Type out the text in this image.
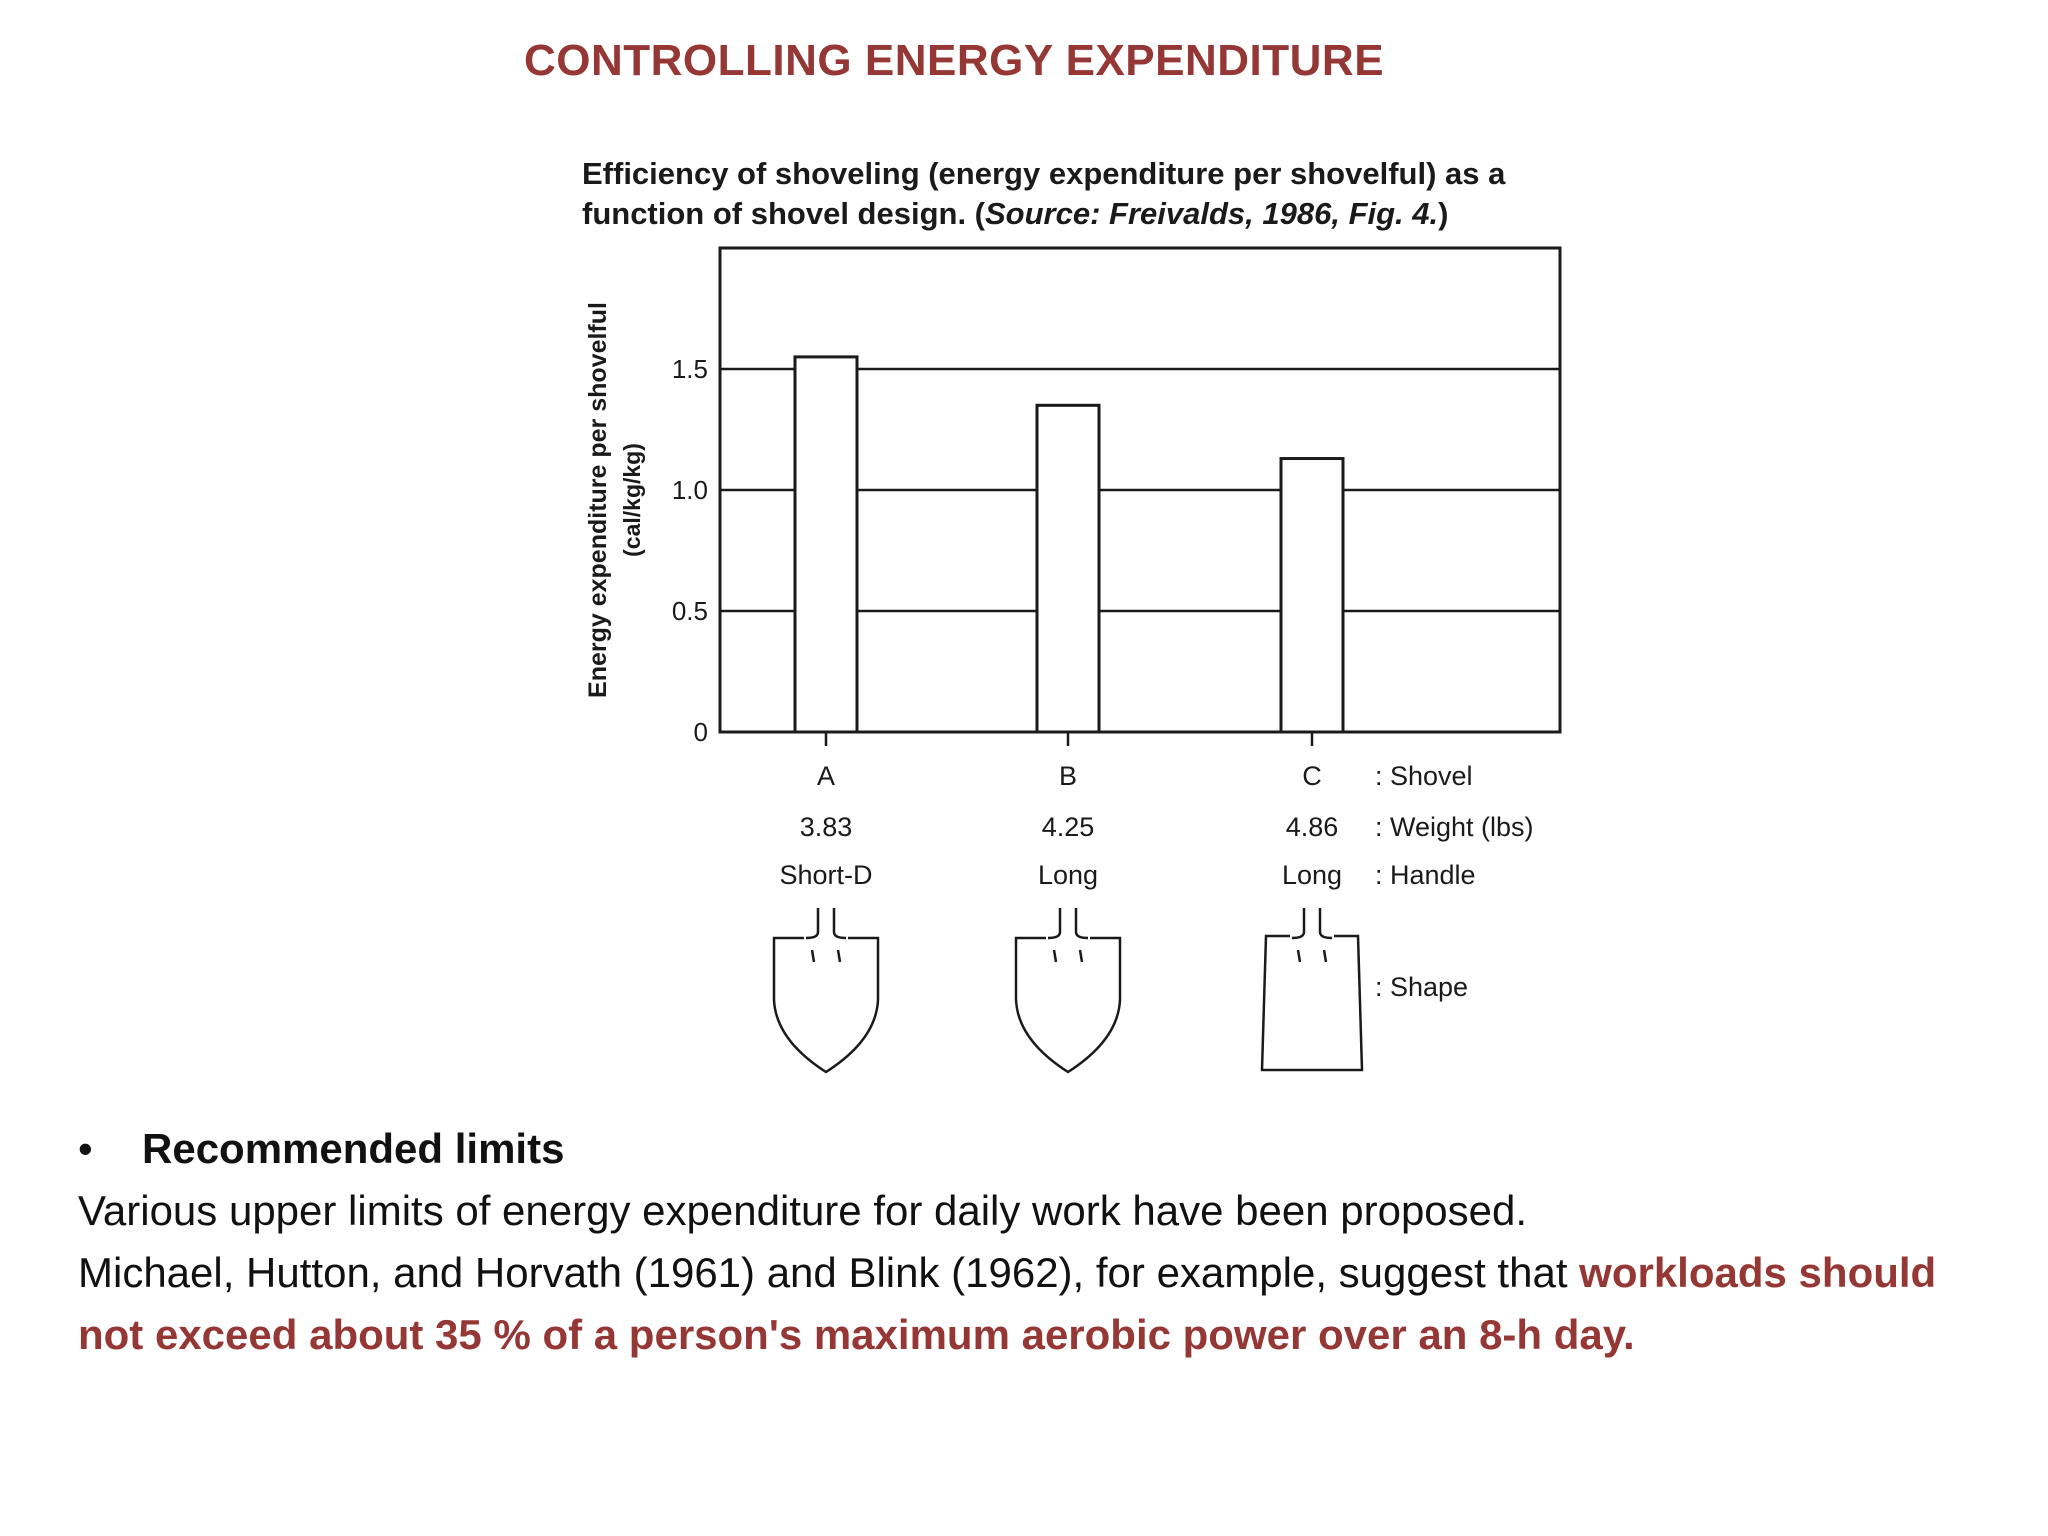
CONTROLLING ENERGY EXPENDITURE
Efficiency of shoveling (energy expenditure per shovelful) as a function of shovel design. (Source: Freivalds, 1986, Fig. 4.)
0
0.5
1.0
1.5
Energy expenditure per shovelful (cal/kg/kg)
A	B	C : Shovel
3.83	4.25	4.86 : Weight (lbs)
Short-D	Long	Long : Handle
: Shape
•	Recommended limits
Various upper limits of energy expenditure for daily work have been proposed.
Michael, Hutton, and Horvath (1961) and Blink (1962), for example, suggest that workloads should not exceed about 35 % of a person's maximum aerobic power over an 8-h day.
